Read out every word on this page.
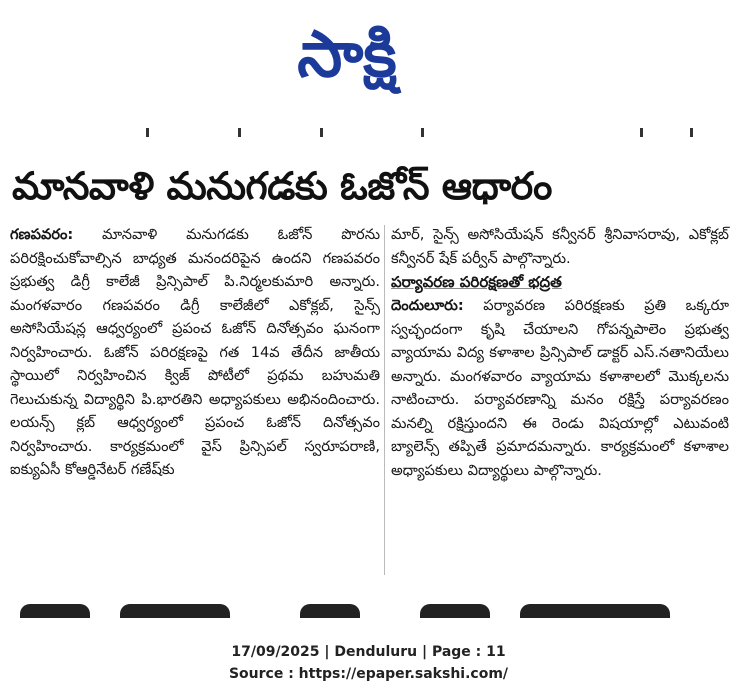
సాక్షి
మానవాళి మనుగడకు ఓజోన్ ఆధారం

గణపవరం: మానవాళి మనుగడకు ఓజోన్ పొరను పరిరక్షించుకోవాల్సిన బాధ్యత మనందరిపైన ఉందని గణపవరం ప్రభుత్వ డిగ్రీ కాలేజీ ప్రిన్సిపాల్ పి.నిర్మలకుమారి అన్నారు. మంగళవారం గణపవరం డిగ్రీ కాలేజీలో ఎకోక్లబ్, సైన్స్ అసోసియేషన్ల ఆధ్వర్యంలో ప్రపంచ ఓజోన్ దినోత్సవం ఘనంగా నిర్వహించారు. ఓజోన్ పరిరక్షణపై గత 14వ తేదీన జాతీయ స్థాయిలో నిర్వహించిన క్విజ్ పోటీలో ప్రథమ బహుమతి గెలుచుకున్న విద్యార్థిని పి.భారతిని అధ్యాపకులు అభినందించారు. లయన్స్ క్లబ్ ఆధ్వర్యంలో ప్రపంచ ఓజోన్ దినోత్సవం నిర్వహించారు. కార్యక్రమంలో వైస్ ప్రిన్సిపల్ స్వరూపరాణి, ఐక్యుఏసీ కోఆర్డినేటర్ గణేష్‌కు

మార్, సైన్స్ అసోసియేషన్ కన్వీనర్ శ్రీనివాసరావు, ఎకోక్లబ్ కన్వీనర్ షేక్ పర్వీన్ పాల్గొన్నారు.

పర్యావరణ పరిరక్షణతో భద్రత

దెందులూరు: పర్యావరణ పరిరక్షణకు ప్రతి ఒక్కరూ స్వచ్ఛందంగా కృషి చేయాలని గోపన్నపాలెం ప్రభుత్వ వ్యాయామ విద్య కళాశాల ప్రిన్సిపాల్ డాక్టర్ ఎస్.నతానియేలు అన్నారు. మంగళవారం వ్యాయామ కళాశాలలో మొక్కలను నాటించారు. పర్యావరణాన్ని మనం రక్షిస్తే పర్యావరణం మనల్ని రక్షిస్తుందని ఈ రెండు విషయాల్లో ఎటువంటి బ్యాలెన్స్ తప్పితే ప్రమాదమన్నారు. కార్యక్రమంలో కళాశాల అధ్యాపకులు విద్యార్థులు పాల్గొన్నారు.

17/09/2025 | Denduluru | Page : 11
Source : https://epaper.sakshi.com/
